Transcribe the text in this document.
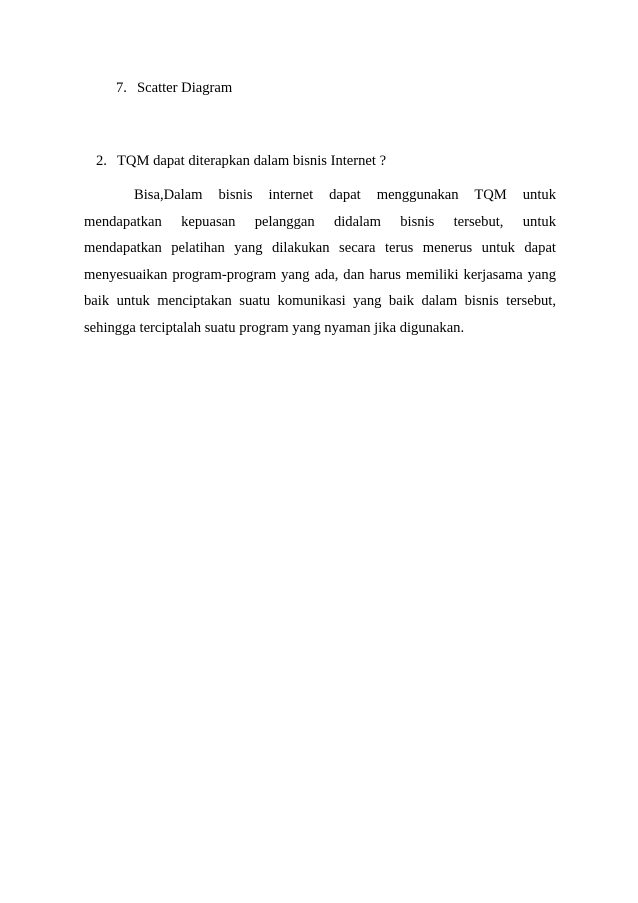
7. Scatter Diagram
2. TQM dapat diterapkan dalam bisnis Internet ?
Bisa,Dalam bisnis internet dapat menggunakan TQM untuk
mendapatkan kepuasan pelanggan didalam bisnis tersebut, untuk
mendapatkan pelatihan yang dilakukan secara terus menerus untuk dapat
menyesuaikan program-program yang ada, dan harus memiliki kerjasama yang
baik untuk menciptakan suatu komunikasi yang baik dalam bisnis tersebut,
sehingga terciptalah suatu program yang nyaman jika digunakan.
